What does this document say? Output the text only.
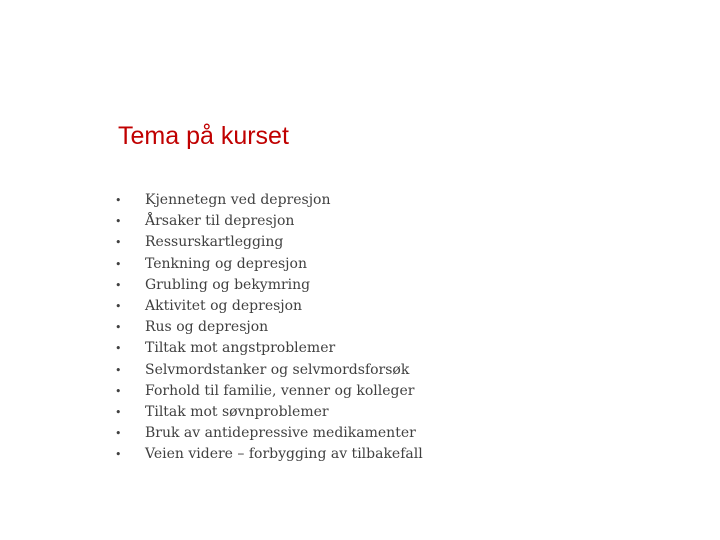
Tema på kurset
• Kjennetegn ved depresjon
• Årsaker til depresjon
• Ressurskartlegging
• Tenkning og depresjon
• Grubling og bekymring
• Aktivitet og depresjon
• Rus og depresjon
• Tiltak mot angstproblemer
• Selvmordstanker og selvmordsforsøk
• Forhold til familie, venner og kolleger
• Tiltak mot søvnproblemer
• Bruk av antidepressive medikamenter
• Veien videre – forbygging av tilbakefall
